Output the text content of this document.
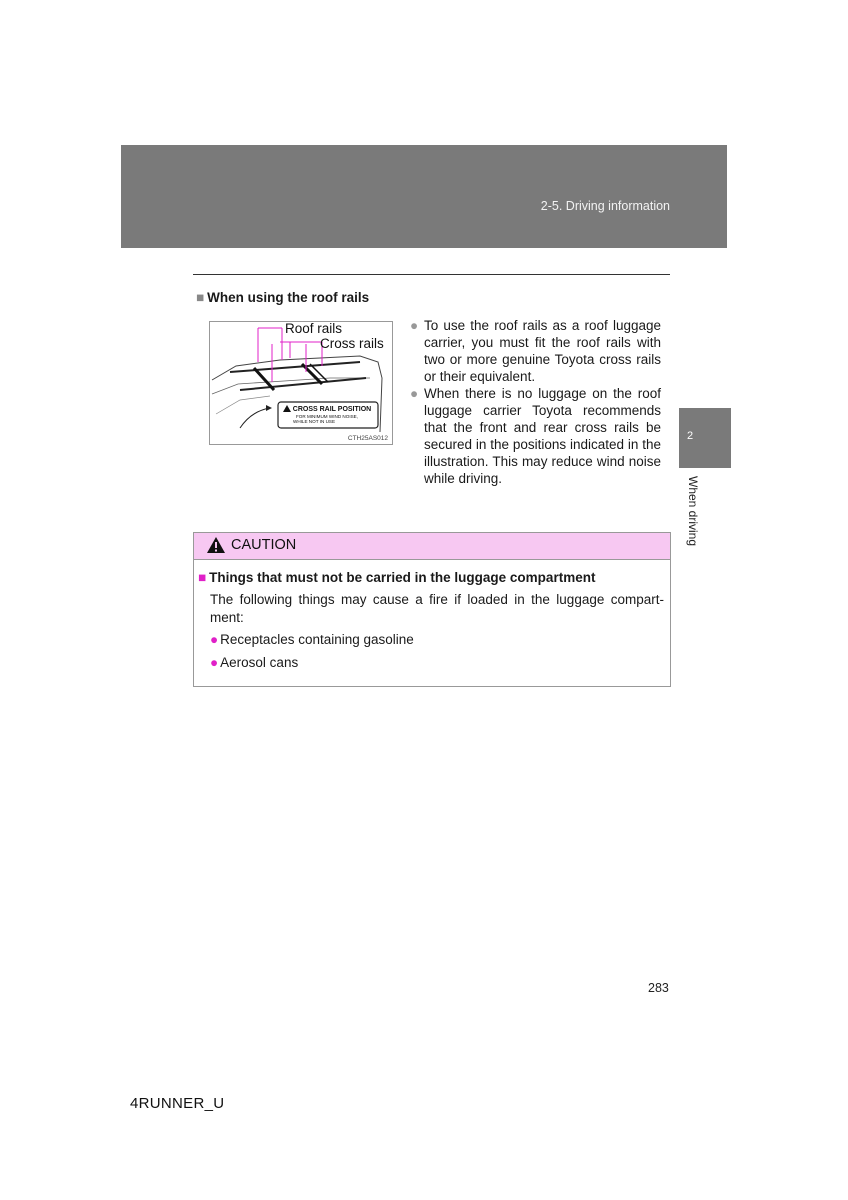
2-5. Driving information
2
When driving
■ When using the roof rails
CROSS RAIL POSITION
FOR MINIMUM WIND NOISE,
WHILE NOT IN USE
Roof rails
Cross rails
CTH25AS012
● To use the roof rails as a roof luggage carrier, you must fit the roof rails with two or more genuine Toyota cross rails or their equivalent.
● When there is no luggage on the roof luggage carrier Toyota recommends that the front and rear cross rails be secured in the positions indicated in the illustration. This may reduce wind noise while driving.
CAUTION
■ Things that must not be carried in the luggage compartment
The following things may cause a fire if loaded in the luggage compart-ment:
● Receptacles containing gasoline
● Aerosol cans
283
4RUNNER_U
